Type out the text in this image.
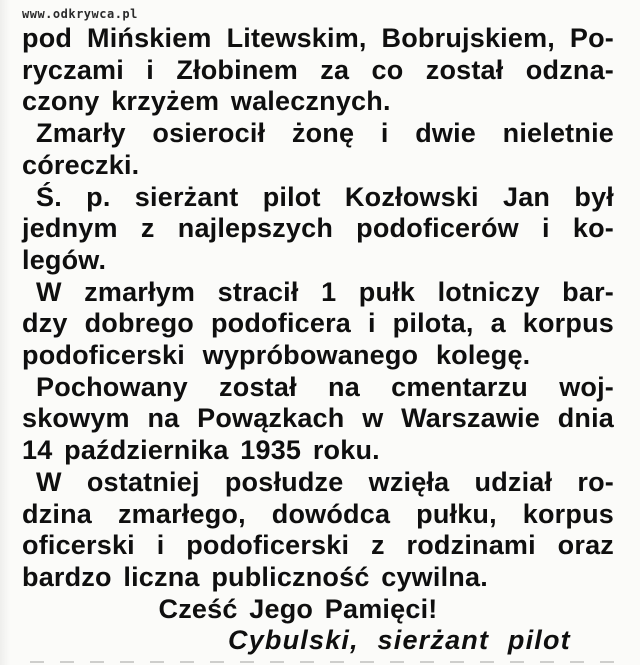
www.odkrywca.pl
pod Mińskiem Litewskim, Bobrujskiem, Po-
ryczami i Złobinem za co został odzna-
czony krzyżem walecznych.
Zmarły osierocił żonę i dwie nieletnie
córeczki.
Ś. p. sierżant pilot Kozłowski Jan był
jednym z najlepszych podoficerów i ko-
legów.
W zmarłym stracił 1 pułk lotniczy bar-
dzy dobrego podoficera i pilota, a korpus
podoficerski wypróbowanego kolegę.
Pochowany został na cmentarzu woj-
skowym na Powązkach w Warszawie dnia
14 października 1935 roku.
W ostatniej posłudze wzięła udział ro-
dzina zmarłego, dowódca pułku, korpus
oficerski i podoficerski z rodzinami oraz
bardzo liczna publiczność cywilna.
Cześć Jego Pamięci!
Cybulski, sierżant pilot
